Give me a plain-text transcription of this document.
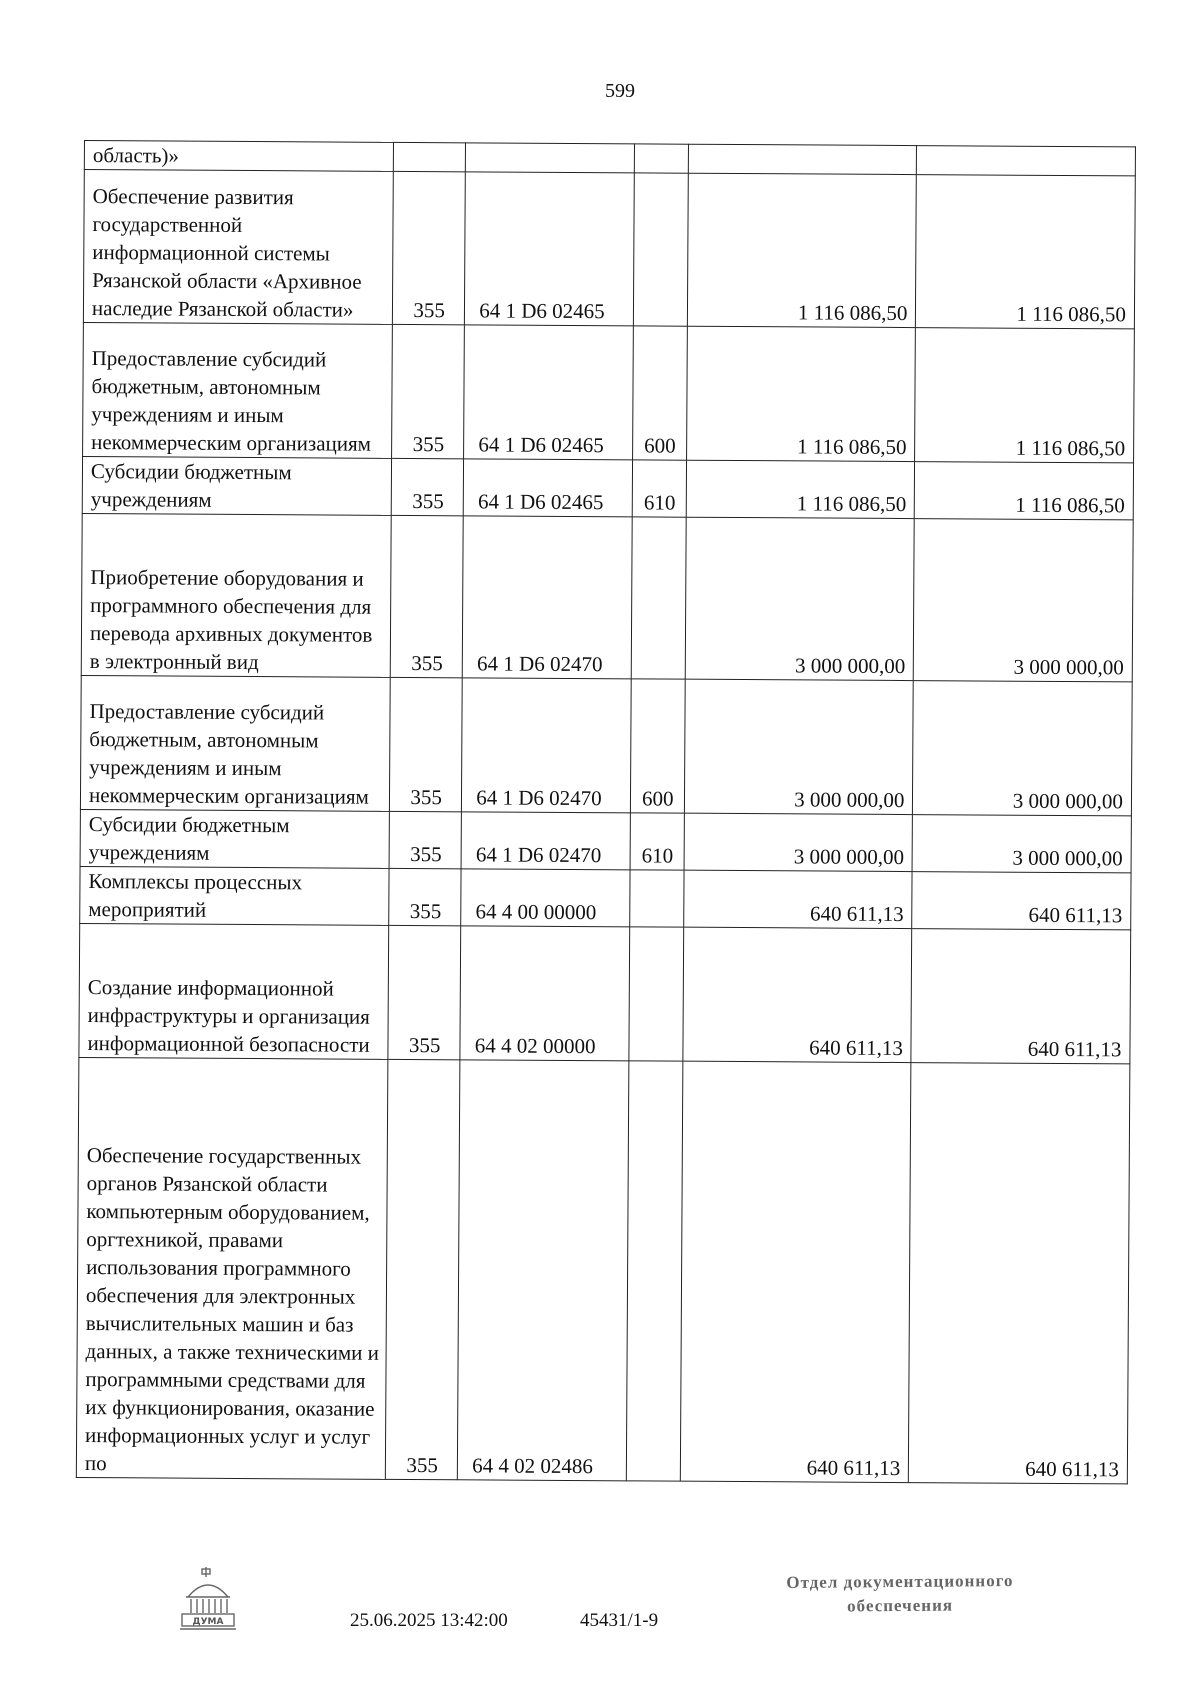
599
область)»					
Обеспечение развития государственной информационной системы Рязанской области «Архивное наследие Рязанской области»	355	64 1 D6 02465		1 116 086,50	1 116 086,50
Предоставление субсидий бюджетным, автономным учреждениям и иным некоммерческим организациям	355	64 1 D6 02465	600	1 116 086,50	1 116 086,50
Субсидии бюджетным учреждениям	355	64 1 D6 02465	610	1 116 086,50	1 116 086,50
Приобретение оборудования и программного обеспечения для перевода архивных документов в электронный вид	355	64 1 D6 02470		3 000 000,00	3 000 000,00
Предоставление субсидий бюджетным, автономным учреждениям и иным некоммерческим организациям	355	64 1 D6 02470	600	3 000 000,00	3 000 000,00
Субсидии бюджетным учреждениям	355	64 1 D6 02470	610	3 000 000,00	3 000 000,00
Комплексы процессных мероприятий	355	64 4 00 00000		640 611,13	640 611,13
Создание информационной инфраструктуры и организация информационной безопасности	355	64 4 02 00000		640 611,13	640 611,13
Обеспечение государственных органов Рязанской области компьютерным оборудованием, оргтехникой, правами использования программного обеспечения для электронных вычислительных машин и баз данных, а также техническими и программными средствами для их функционирования, оказание информационных услуг и услуг по	355	64 4 02 02486		640 611,13	640 611,13
ДУМА	25.06.2025 13:42:00	45431/1-9
Отдел документационного
обеспечения
